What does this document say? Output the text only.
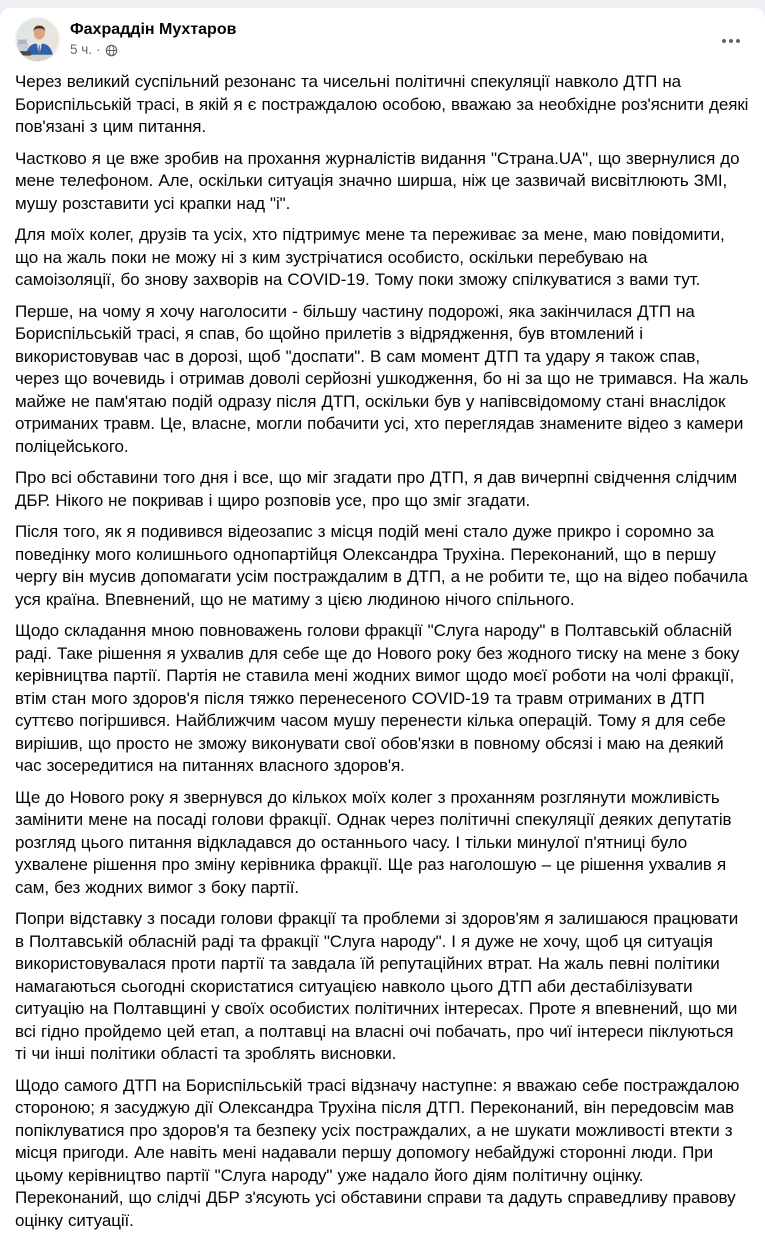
Фахраддін Мухтаров
5 ч. ·

Через великий суспільний резонанс та чисельні політичні спекуляції навколо ДТП на Бориспільській трасі, в якій я є постраждалою особою, вважаю за необхідне роз'яснити деякі пов'язані з цим питання.

Частково я це вже зробив на прохання журналістів видання "Страна.UA", що звернулися до мене телефоном. Але, оскільки ситуація значно ширша, ніж це зазвичай висвітлюють ЗМІ, мушу розставити усі крапки над "і".

Для моїх колег, друзів та усіх, хто підтримує мене та переживає за мене, маю повідомити, що на жаль поки не можу ні з ким зустрічатися особисто, оскільки перебуваю на самоізоляції, бо знову захворів на COVID-19. Тому поки зможу спілкуватися з вами тут.

Перше, на чому я хочу наголосити - більшу частину подорожі, яка закінчилася ДТП на Бориспільській трасі, я спав, бо щойно прилетів з відрядження, був втомлений і використовував час в дорозі, щоб "доспати". В сам момент ДТП та удару я також спав, через що вочевидь і отримав доволі серйозні ушкодження, бо ні за що не тримався. На жаль майже не пам'ятаю подій одразу після ДТП, оскільки був у напівсвідомому стані внаслідок отриманих травм. Це, власне, могли побачити усі, хто переглядав знамените відео з камери поліцейського.

Про всі обставини того дня і все, що міг згадати про ДТП, я дав вичерпні свідчення слідчим ДБР. Нікого не покривав і щиро розповів усе, про що зміг згадати.

Після того, як я подивився відеозапис з місця подій мені стало дуже прикро і соромно за поведінку мого колишнього однопартійця Олександра Трухіна. Переконаний, що в першу чергу він мусив допомагати усім постраждалим в ДТП, а не робити те, що на відео побачила уся країна. Впевнений, що не матиму з цією людиною нічого спільного.

Щодо складання мною повноважень голови фракції "Слуга народу" в Полтавській обласній раді. Таке рішення я ухвалив для себе ще до Нового року без жодного тиску на мене з боку керівництва партії. Партія не ставила мені жодних вимог щодо моєї роботи на чолі фракції, втім стан мого здоров'я після тяжко перенесеного COVID-19 та травм отриманих в ДТП суттєво погіршився. Найближчим часом мушу перенести кілька операцій. Тому я для себе вирішив, що просто не зможу виконувати свої обов'язки в повному обсязі і маю на деякий час зосередитися на питаннях власного здоров'я.

Ще до Нового року я звернувся до кількох моїх колег з проханням розглянути можливість замінити мене на посаді голови фракції. Однак через політичні спекуляції деяких депутатів розгляд цього питання відкладався до останнього часу. І тільки минулої п'ятниці було ухвалене рішення про зміну керівника фракції. Ще раз наголошую – це рішення ухвалив я сам, без жодних вимог з боку партії.

Попри відставку з посади голови фракції та проблеми зі здоров'ям я залишаюся працювати в Полтавській обласній раді та фракції "Слуга народу". І я дуже не хочу, щоб ця ситуація використовувалася проти партії та завдала їй репутаційних втрат. На жаль певні політики намагаються сьогодні скористатися ситуацією навколо цього ДТП аби дестабілізувати ситуацію на Полтавщині у своїх особистих політичних інтересах. Проте я впевнений, що ми всі гідно пройдемо цей етап, а полтавці на власні очі побачать, про чиї інтереси піклуються ті чи інші політики області та зроблять висновки.

Щодо самого ДТП на Бориспільській трасі відзначу наступне: я вважаю себе постраждалою стороною; я засуджую дії Олександра Трухіна після ДТП. Переконаний, він передовсім мав попіклуватися про здоров'я та безпеку усіх постраждалих, а не шукати можливості втекти з місця пригоди. Але навіть мені надавали першу допомогу небайдужі сторонні люди. При цьому керівництво партії "Слуга народу" уже надало його діям політичну оцінку. Переконаний, що слідчі ДБР з'ясують усі обставини справи та дадуть справедливу правову оцінку ситуації.
